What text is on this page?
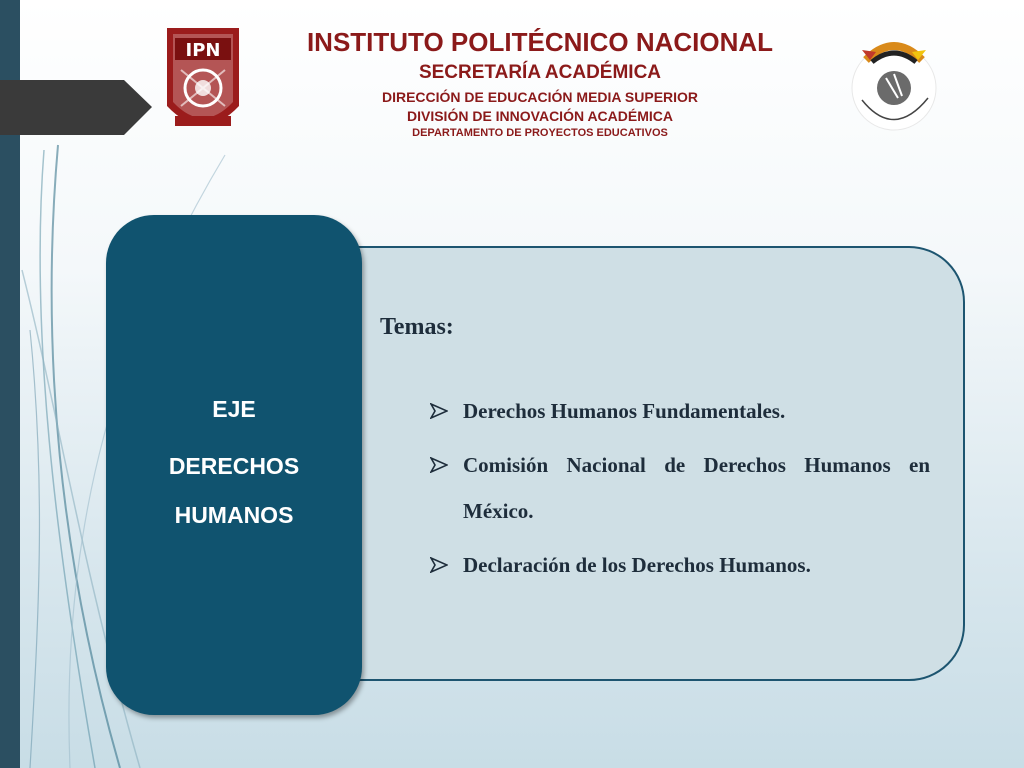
IPN	INSTITUTO POLITÉCNICO NACIONAL
SECRETARÍA ACADÉMICA
DIRECCIÓN DE EDUCACIÓN MEDIA SUPERIOR
DIVISIÓN DE INNOVACIÓN ACADÉMICA
DEPARTAMENTO DE PROYECTOS EDUCATIVOS
EJE
DERECHOS
HUMANOS
Temas:
Derechos Humanos Fundamentales.
Comisión Nacional de Derechos Humanos en México.
Declaración de los Derechos Humanos.
